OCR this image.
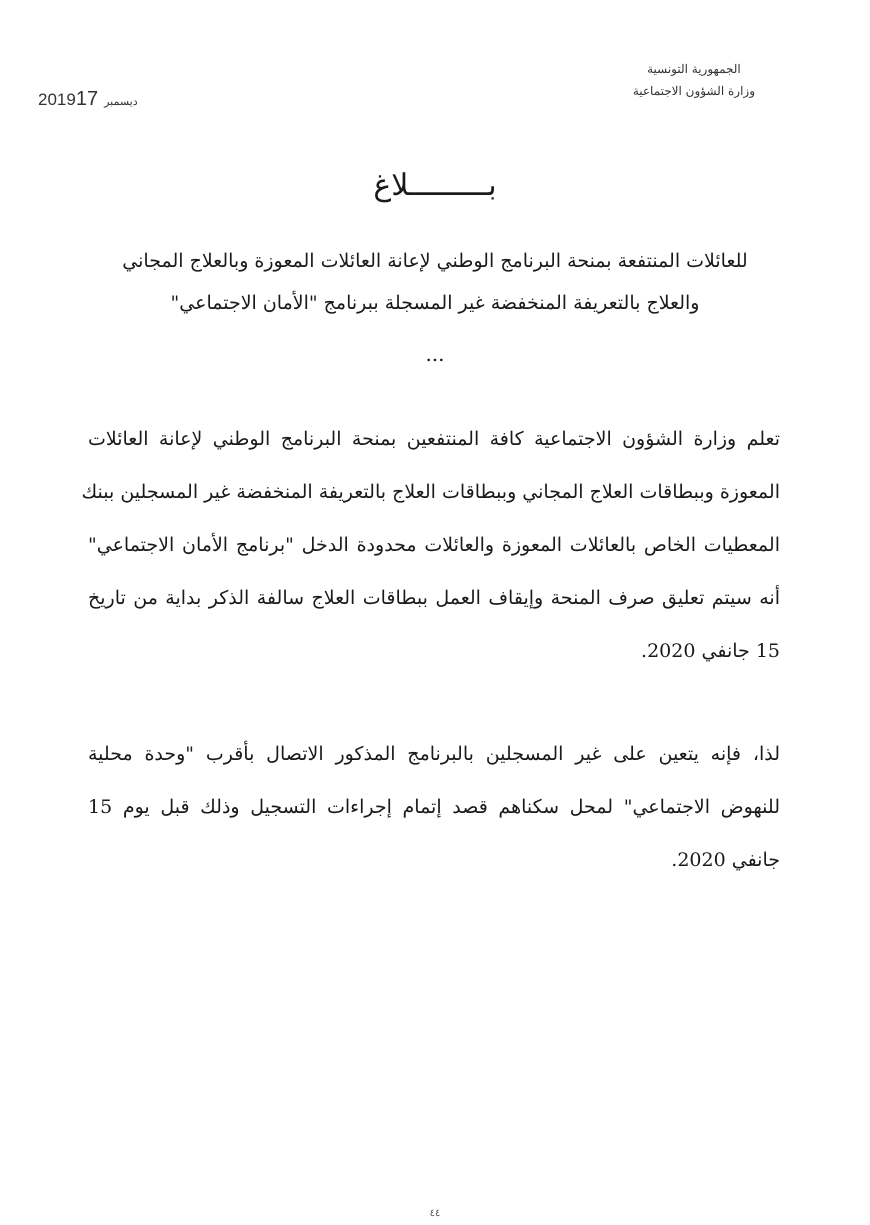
الجمهورية التونسية
وزارة الشؤون الاجتماعية
2019	ديسمبر17
بـــــــــلاغ
للعائلات المنتفعة بمنحة البرنامج الوطني لإعانة العائلات المعوزة وبالعلاج المجاني
والعلاج بالتعريفة المنخفضة غير المسجلة ببرنامج "الأمان الاجتماعي"
...
تعلم وزارة الشؤون الاجتماعية كافة المنتفعين بمنحة البرنامج الوطني لإعانة العائلات
المعوزة وببطاقات العلاج المجاني وببطاقات العلاج بالتعريفة المنخفضة غير المسجلين ببنك
المعطيات الخاص بالعائلات المعوزة والعائلات محدودة الدخل "برنامج الأمان الاجتماعي"
أنه سيتم تعليق صرف المنحة وإيقاف العمل ببطاقات العلاج سالفة الذكر بداية من تاريخ
15 جانفي 2020.
لذا، فإنه يتعين على غير المسجلين بالبرنامج المذكور الاتصال بأقرب "وحدة محلية
للنهوض الاجتماعي" لمحل سكناهم قصد إتمام إجراءات التسجيل وذلك قبل يوم 15
جانفي 2020.
٤٤
